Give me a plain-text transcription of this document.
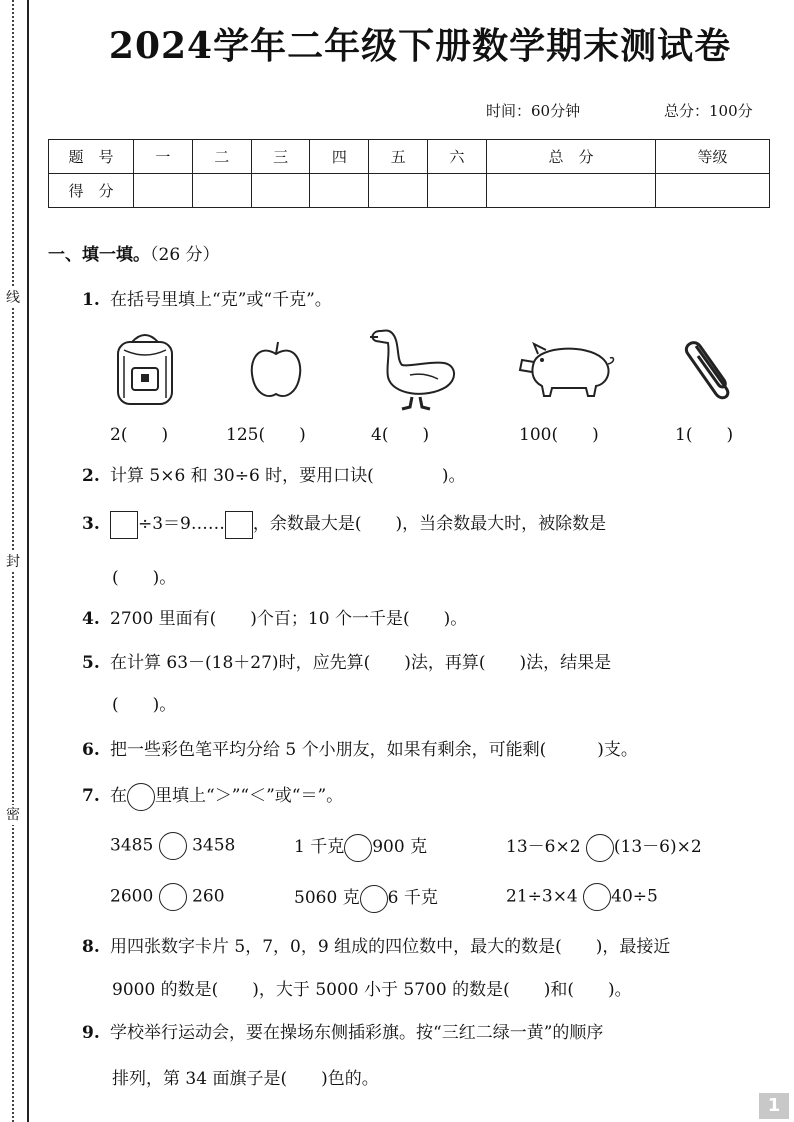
线
封
密
2024学年二年级下册数学期末测试卷
时间：60分钟	总分：100分
题　号	一	二	三	四	五	六	总　分	等级
得　分								
一、填一填。（26 分）
1. 在括号里填上“克”或“千克”。
2(　　)	125(　　)	4(　　)	100(　　)	1(　　)
2. 计算 5×6 和 30÷6 时，要用口诀(　　　　)。
3. ÷3＝9…… ，余数最大是(　　)，当余数最大时，被除数是
(　　)。
4. 2700 里面有(　　)个百；10 个一千是(　　)。
5. 在计算 63－(18＋27)时，应先算(　　)法，再算(　　)法，结果是
(　　)。
6. 把一些彩色笔平均分给 5 个小朋友，如果有剩余，可能剩(　　　)支。
7. 在 里填上“＞”“＜”或“＝”。
3485 3458	1 千克 900 克	13－6×2 (13－6)×2
2600 260	5060 克 6 千克	21÷3×4 40÷5
8. 用四张数字卡片 5，7，0，9 组成的四位数中，最大的数是(　　)，最接近
9000 的数是(　　)，大于 5000 小于 5700 的数是(　　)和(　　)。
9. 学校举行运动会，要在操场东侧插彩旗。按“三红二绿一黄”的顺序
排列，第 34 面旗子是(　　)色的。
1
